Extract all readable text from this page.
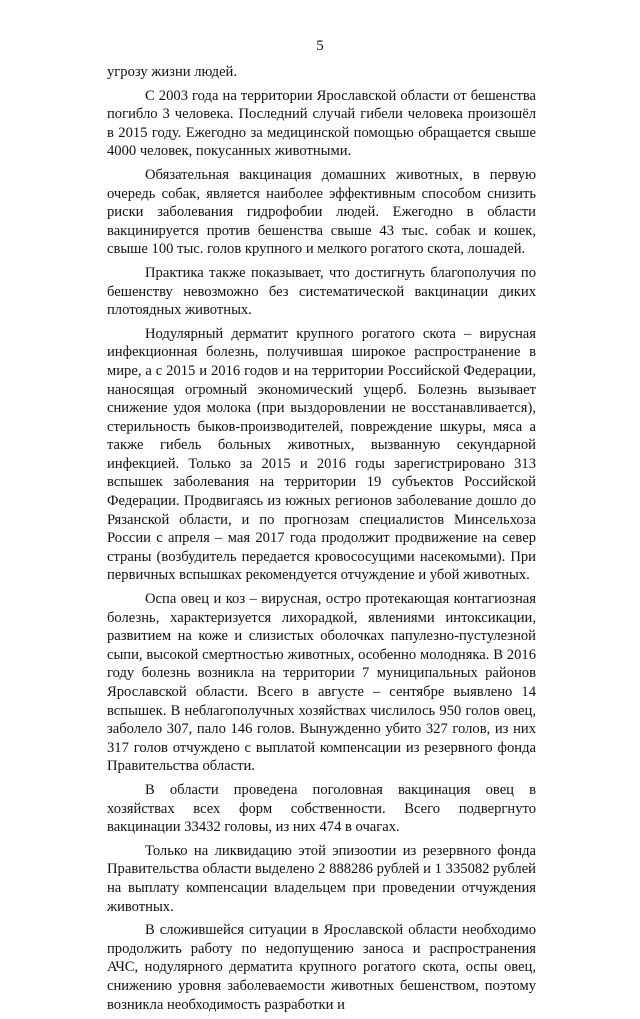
5

угрозу жизни людей.

С 2003 года на территории Ярославской области от бешенства погибло 3 человека. Последний случай гибели человека произошёл в 2015 году. Ежегодно за медицинской помощью обращается свыше 4000 человек, покусанных животными.

Обязательная вакцинация домашних животных, в первую очередь собак, является наиболее эффективным способом снизить риски заболевания гидрофобии людей. Ежегодно в области вакцинируется против бешенства свыше 43 тыс. собак и кошек, свыше 100 тыс. голов крупного и мелкого рогатого скота, лошадей.

Практика также показывает, что достигнуть благополучия по бешенству невозможно без систематической вакцинации диких плотоядных животных.

Нодулярный дерматит крупного рогатого скота – вирусная инфекционная болезнь, получившая широкое распространение в мире, а с 2015 и 2016 годов и на территории Российской Федерации, наносящая огромный экономический ущерб. Болезнь вызывает снижение удоя молока (при выздоровлении не восстанавливается), стерильность быков-производителей, повреждение шкуры, мяса а также гибель больных животных, вызванную секундарной инфекцией. Только за 2015 и 2016 годы зарегистрировано 313 вспышек заболевания на территории 19 субъектов Российской Федерации. Продвигаясь из южных регионов заболевание дошло до Рязанской области, и по прогнозам специалистов Минсельхоза России с апреля – мая 2017 года продолжит продвижение на север страны (возбудитель передается кровососущими насекомыми). При первичных вспышках рекомендуется отчуждение и убой животных.

Оспа овец и коз – вирусная, остро протекающая контагиозная болезнь, характеризуется лихорадкой, явлениями интоксикации, развитием на коже и слизистых оболочках папулезно-пустулезной сыпи, высокой смертностью животных, особенно молодняка. В 2016 году болезнь возникла на территории 7 муниципальных районов Ярославской области. Всего в августе – сентябре выявлено 14 вспышек. В неблагополучных хозяйствах числилось 950 голов овец, заболело 307, пало 146 голов. Вынужденно убито 327 голов, из них 317 голов отчуждено с выплатой компенсации из резервного фонда Правительства области.

В области проведена поголовная вакцинация овец в хозяйствах всех форм собственности. Всего подвергнуто вакцинации 33432 головы, из них 474 в очагах.

Только на ликвидацию этой эпизоотии из резервного фонда Правительства области выделено 2 888286 рублей и 1 335082 рублей на выплату компенсации владельцем при проведении отчуждения животных.

В сложившейся ситуации в Ярославской области необходимо продолжить работу по недопущению заноса и распространения АЧС, нодулярного дерматита крупного рогатого скота, оспы овец, снижению уровня заболеваемости животных бешенством, поэтому возникла необходимость разработки и
